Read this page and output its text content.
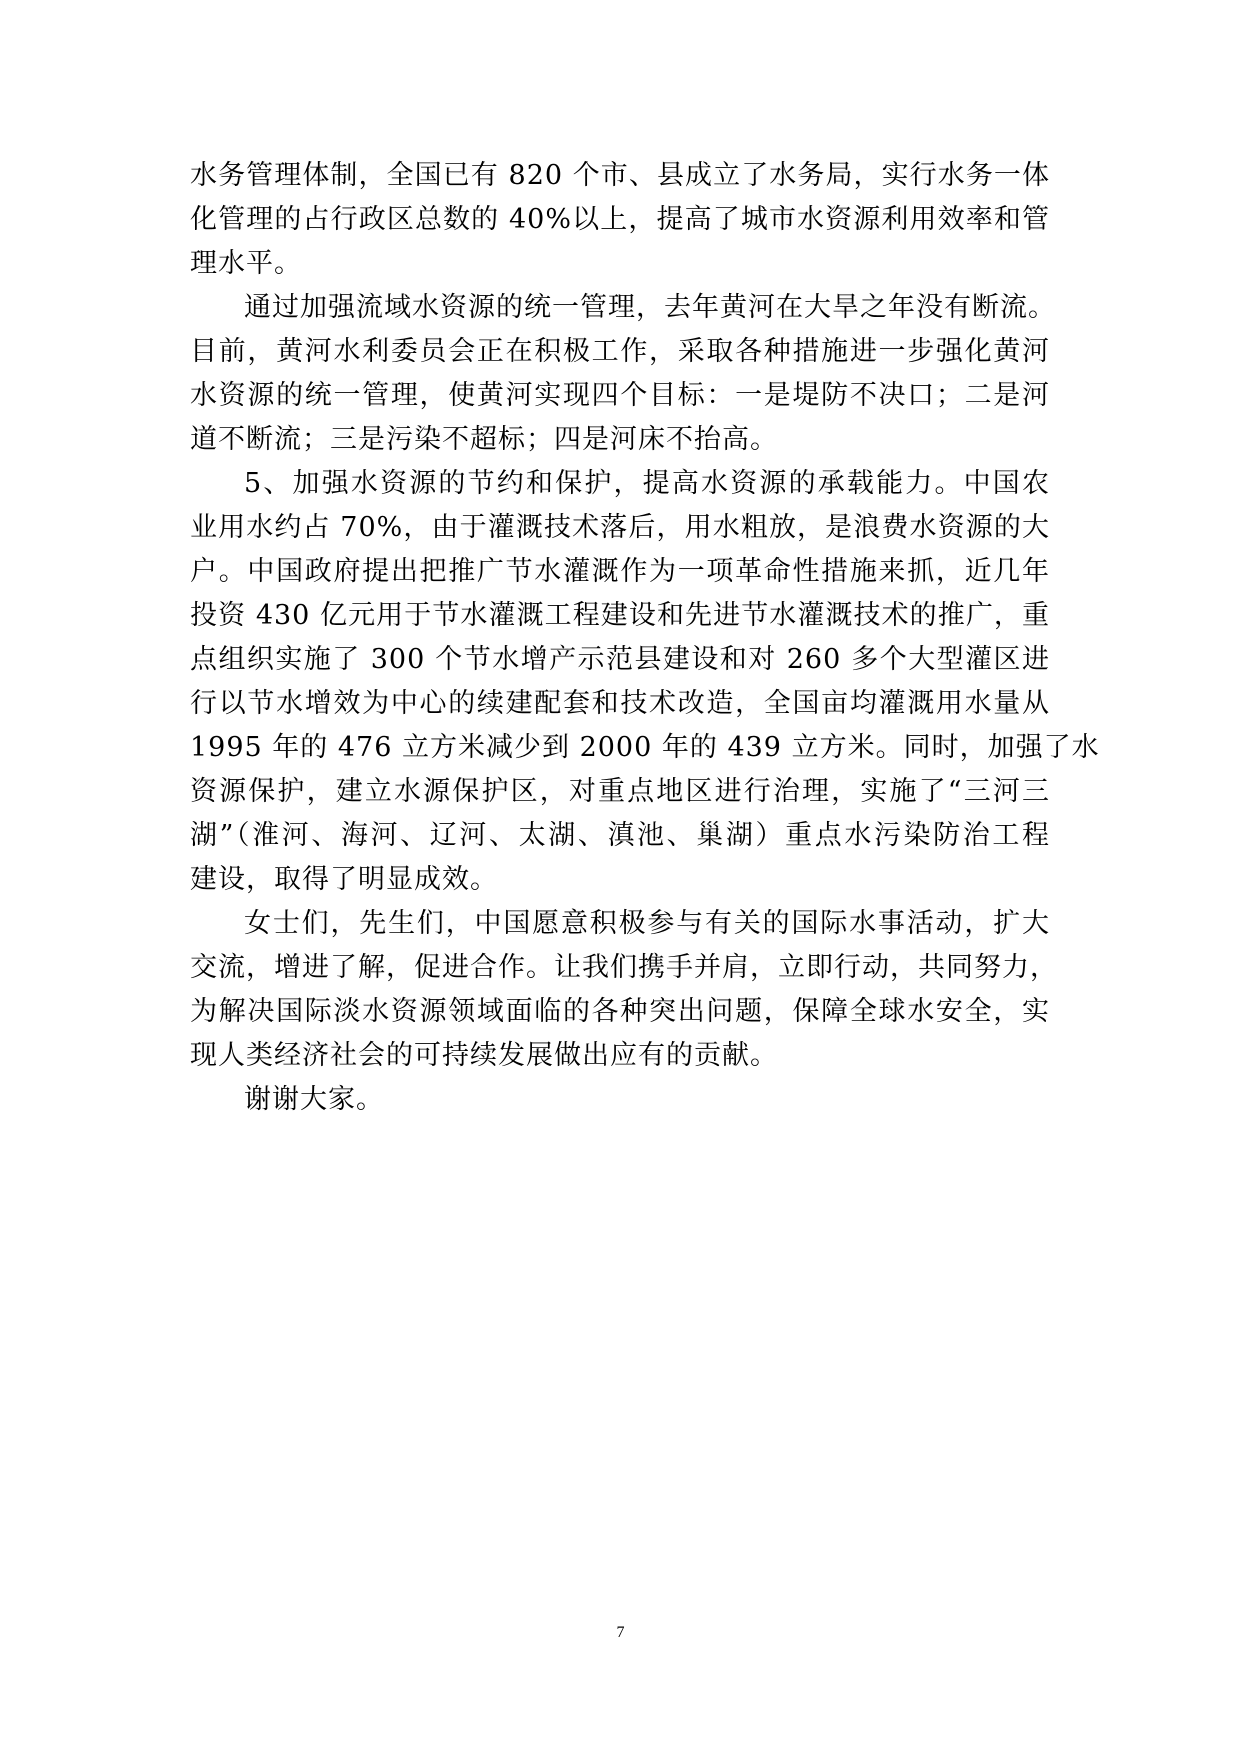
水务管理体制，全国已有 820 个市、县成立了水务局，实行水务一体
化管理的占行政区总数的 40%以上，提高了城市水资源利用效率和管
理水平。
通过加强流域水资源的统一管理，去年黄河在大旱之年没有断流。
目前，黄河水利委员会正在积极工作，采取各种措施进一步强化黄河
水资源的统一管理，使黄河实现四个目标：一是堤防不决口；二是河
道不断流；三是污染不超标；四是河床不抬高。
5、加强水资源的节约和保护，提高水资源的承载能力。中国农
业用水约占 70%，由于灌溉技术落后，用水粗放，是浪费水资源的大
户。中国政府提出把推广节水灌溉作为一项革命性措施来抓，近几年
投资 430 亿元用于节水灌溉工程建设和先进节水灌溉技术的推广，重
点组织实施了 300 个节水增产示范县建设和对 260 多个大型灌区进
行以节水增效为中心的续建配套和技术改造，全国亩均灌溉用水量从
1995 年的 476 立方米减少到 2000 年的 439 立方米。同时，加强了水
资源保护，建立水源保护区，对重点地区进行治理，实施了“三河三
湖”（淮河、海河、辽河、太湖、滇池、巢湖）重点水污染防治工程
建设，取得了明显成效。
女士们，先生们，中国愿意积极参与有关的国际水事活动，扩大
交流，增进了解，促进合作。让我们携手并肩，立即行动，共同努力，
为解决国际淡水资源领域面临的各种突出问题，保障全球水安全，实
现人类经济社会的可持续发展做出应有的贡献。
谢谢大家。
7
